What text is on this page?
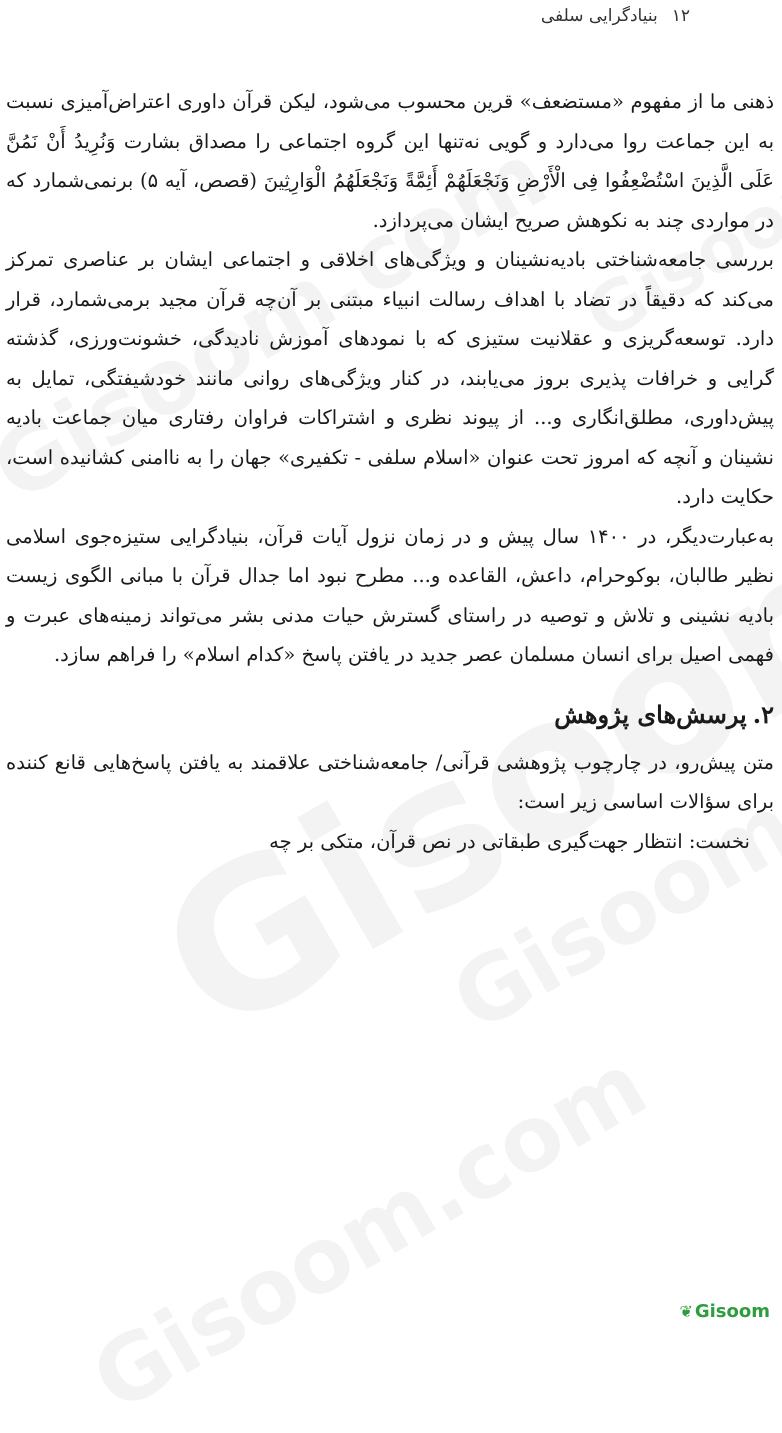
۱۲
بنیادگرایی سلفی

ذهنی ما از مفهوم «مستضعف» قرین محسوب می‌شود، لیکن قرآن داوری اعتراض‌آمیزی نسبت به این جماعت روا می‌دارد و گویی نه‌تنها این گروه اجتماعی را مصداق بشارت وَنُرِیدُ أَنْ نَمُنَّ عَلَی الَّذِینَ اسْتُضْعِفُوا فِی الْأَرْضِ وَنَجْعَلَهُمْ أَئِمَّةً وَنَجْعَلَهُمُ الْوَارِثِینَ (قصص، آیه ۵) برنمی‌شمارد که در مواردی چند به نکوهش صریح ایشان می‌پردازد.

بررسی جامعه‌شناختی بادیه‌نشینان و ویژگی‌های اخلاقی و اجتماعی ایشان بر عناصری تمرکز می‌کند که دقیقاً در تضاد با اهداف رسالت انبیاء مبتنی بر آن‌چه قرآن مجید برمی‌شمارد، قرار دارد. توسعه‌گریزی و عقلانیت ستیزی که با نمودهای آموزش نادیدگی، خشونت‌ورزی، گذشته گرایی و خرافات پذیری بروز می‌یابند، در کنار ویژگی‌های روانی مانند خودشیفتگی، تمایل به پیش‌داوری، مطلق‌انگاری و... از پیوند نظری و اشتراکات فراوان رفتاری میان جماعت بادیه نشینان و آنچه که امروز تحت عنوان «اسلام سلفی - تکفیری» جهان را به ناامنی کشانیده است، حکایت دارد.

به‌عبارت‌دیگر، در ۱۴۰۰ سال پیش و در زمان نزول آیات قرآن، بنیادگرایی ستیزه‌جوی اسلامی نظیر طالبان، بوکوحرام، داعش، القاعده و... مطرح نبود اما جدال قرآن با مبانی الگوی زیست بادیه نشینی و تلاش و توصیه در راستای گسترش حیات مدنی بشر می‌تواند زمینه‌های عبرت و فهمی اصیل برای انسان مسلمان عصر جدید در یافتن پاسخ «کدام اسلام» را فراهم سازد.

۲.
پرسش‌های پژوهش

متن پیش‌رو، در چارچوب پژوهشی قرآنی/ جامعه‌شناختی علاقمند به یافتن پاسخ‌هایی قانع کننده برای سؤالات اساسی زیر است:

نخست: انتظار جهت‌گیری طبقاتی در نص قرآن، متکی بر چه

❦ Gisoom
